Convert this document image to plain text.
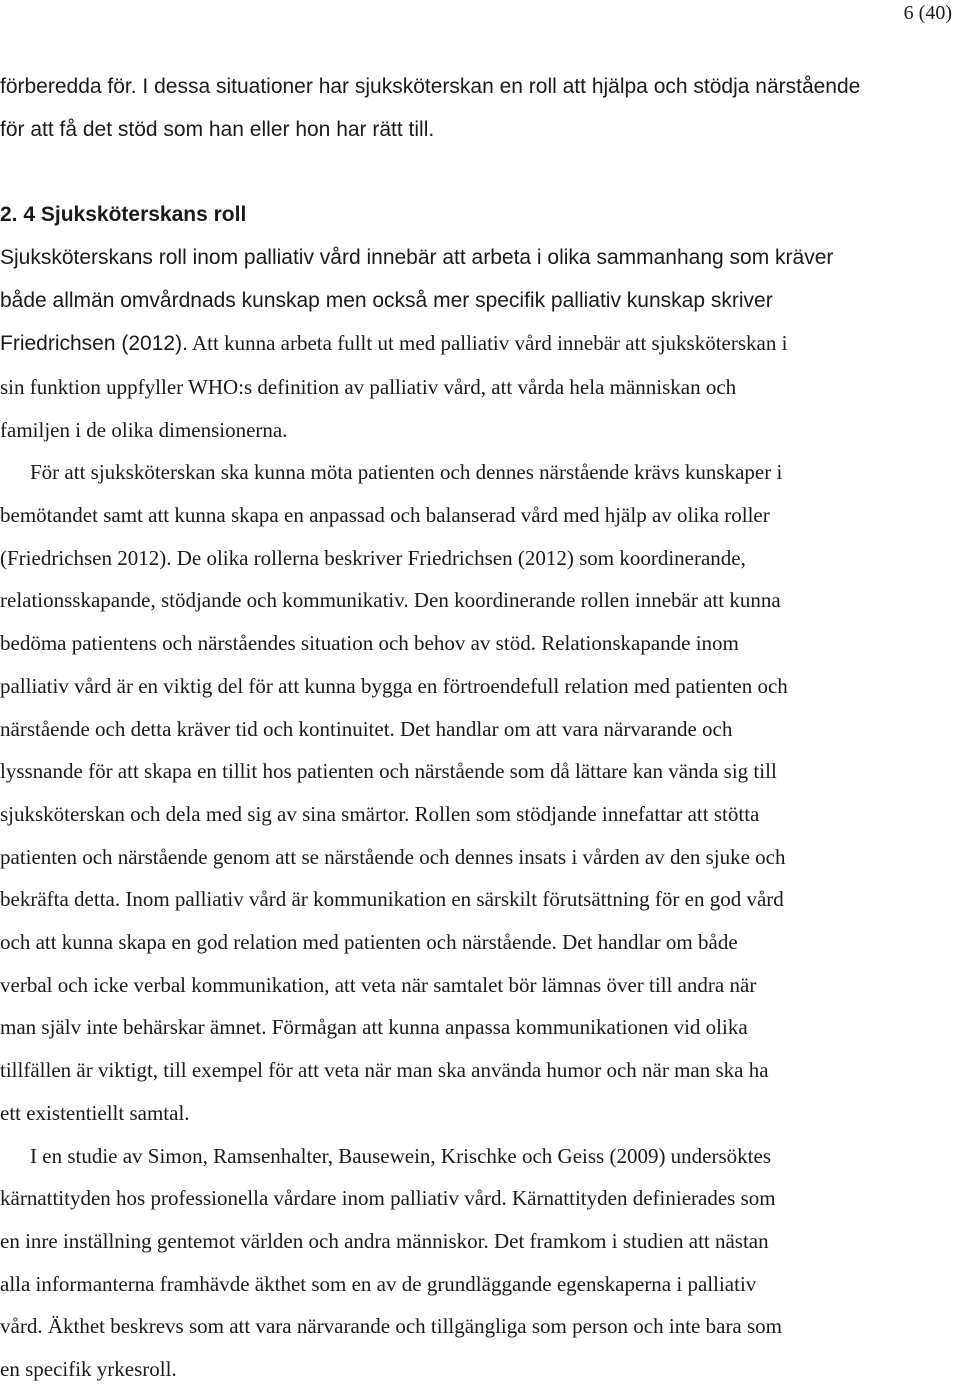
6 (40)

förberedda för. I dessa situationer har sjuksköterskan en roll att hjälpa och stödja närstående
för att få det stöd som han eller hon har rätt till.

2. 4 Sjuksköterskans roll

Sjuksköterskans roll inom palliativ vård innebär att arbeta i olika sammanhang som kräver
både allmän omvårdnads kunskap men också mer specifik palliativ kunskap skriver
Friedrichsen (2012). Att kunna arbeta fullt ut med palliativ vård innebär att sjuksköterskan i
sin funktion uppfyller WHO:s definition av palliativ vård, att vårda hela människan och
familjen i de olika dimensionerna.

För att sjuksköterskan ska kunna möta patienten och dennes närstående krävs kunskaper i
bemötandet samt att kunna skapa en anpassad och balanserad vård med hjälp av olika roller
(Friedrichsen 2012). De olika rollerna beskriver Friedrichsen (2012) som koordinerande,
relationsskapande, stödjande och kommunikativ. Den koordinerande rollen innebär att kunna
bedöma patientens och närståendes situation och behov av stöd. Relationskapande inom
palliativ vård är en viktig del för att kunna bygga en förtroendefull relation med patienten och
närstående och detta kräver tid och kontinuitet. Det handlar om att vara närvarande och
lyssnande för att skapa en tillit hos patienten och närstående som då lättare kan vända sig till
sjuksköterskan och dela med sig av sina smärtor. Rollen som stödjande innefattar att stötta
patienten och närstående genom att se närstående och dennes insats i vården av den sjuke och
bekräfta detta. Inom palliativ vård är kommunikation en särskilt förutsättning för en god vård
och att kunna skapa en god relation med patienten och närstående. Det handlar om både
verbal och icke verbal kommunikation, att veta när samtalet bör lämnas över till andra när
man själv inte behärskar ämnet. Förmågan att kunna anpassa kommunikationen vid olika
tillfällen är viktigt, till exempel för att veta när man ska använda humor och när man ska ha
ett existentiellt samtal.

I en studie av Simon, Ramsenhalter, Bausewein, Krischke och Geiss (2009) undersöktes
kärnattityden hos professionella vårdare inom palliativ vård. Kärnattityden definierades som
en inre inställning gentemot världen och andra människor. Det framkom i studien att nästan
alla informanterna framhävde äkthet som en av de grundläggande egenskaperna i palliativ
vård. Äkthet beskrevs som att vara närvarande och tillgängliga som person och inte bara som
en specifik yrkesroll.
